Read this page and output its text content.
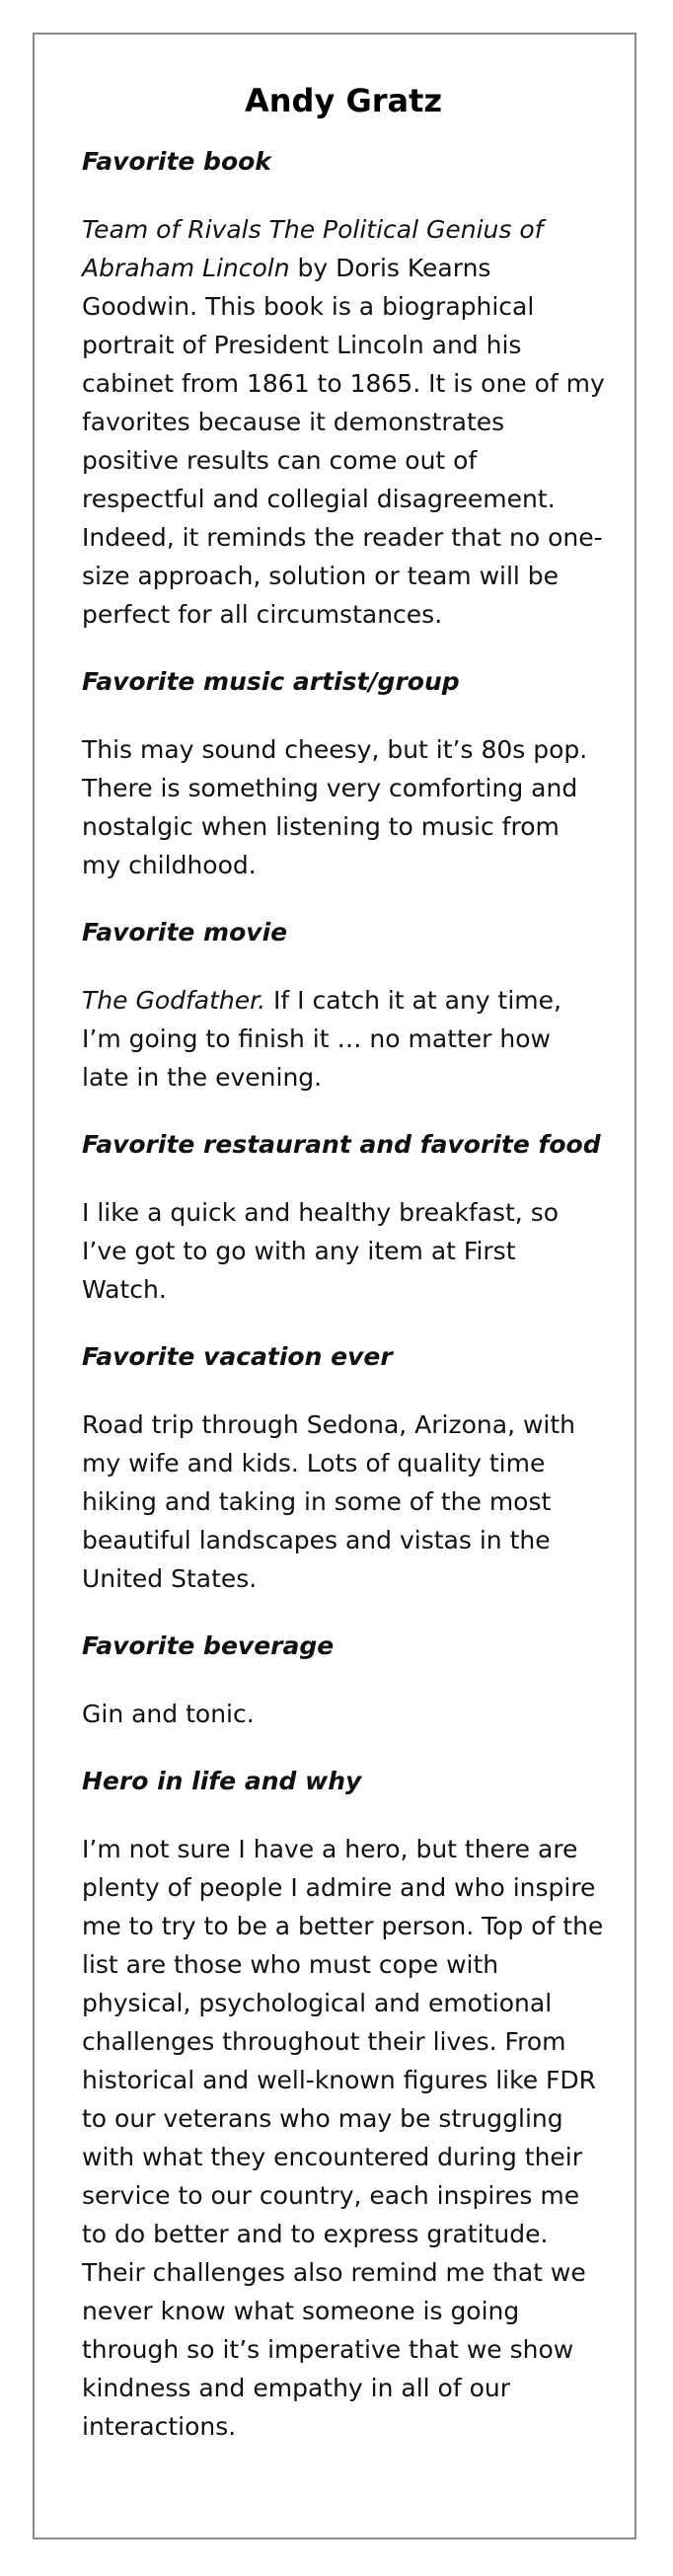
Andy Gratz

Favorite book

Team of Rivals The Political Genius of Abraham Lincoln by Doris Kearns Goodwin. This book is a biographical portrait of President Lincoln and his cabinet from 1861 to 1865. It is one of my favorites because it demonstrates positive results can come out of respectful and collegial disagreement. Indeed, it reminds the reader that no one-size approach, solution or team will be perfect for all circumstances.

Favorite music artist/group

This may sound cheesy, but it’s 80s pop. There is something very comforting and nostalgic when listening to music from my childhood.

Favorite movie

The Godfather. If I catch it at any time, I’m going to finish it … no matter how late in the evening.

Favorite restaurant and favorite food

I like a quick and healthy breakfast, so I’ve got to go with any item at First Watch.

Favorite vacation ever

Road trip through Sedona, Arizona, with my wife and kids. Lots of quality time hiking and taking in some of the most beautiful landscapes and vistas in the United States.

Favorite beverage

Gin and tonic.

Hero in life and why

I’m not sure I have a hero, but there are plenty of people I admire and who inspire me to try to be a better person. Top of the list are those who must cope with physical, psychological and emotional challenges throughout their lives. From historical and well-known figures like FDR to our veterans who may be struggling with what they encountered during their service to our country, each inspires me to do better and to express gratitude. Their challenges also remind me that we never know what someone is going through so it’s imperative that we show kindness and empathy in all of our interactions.
